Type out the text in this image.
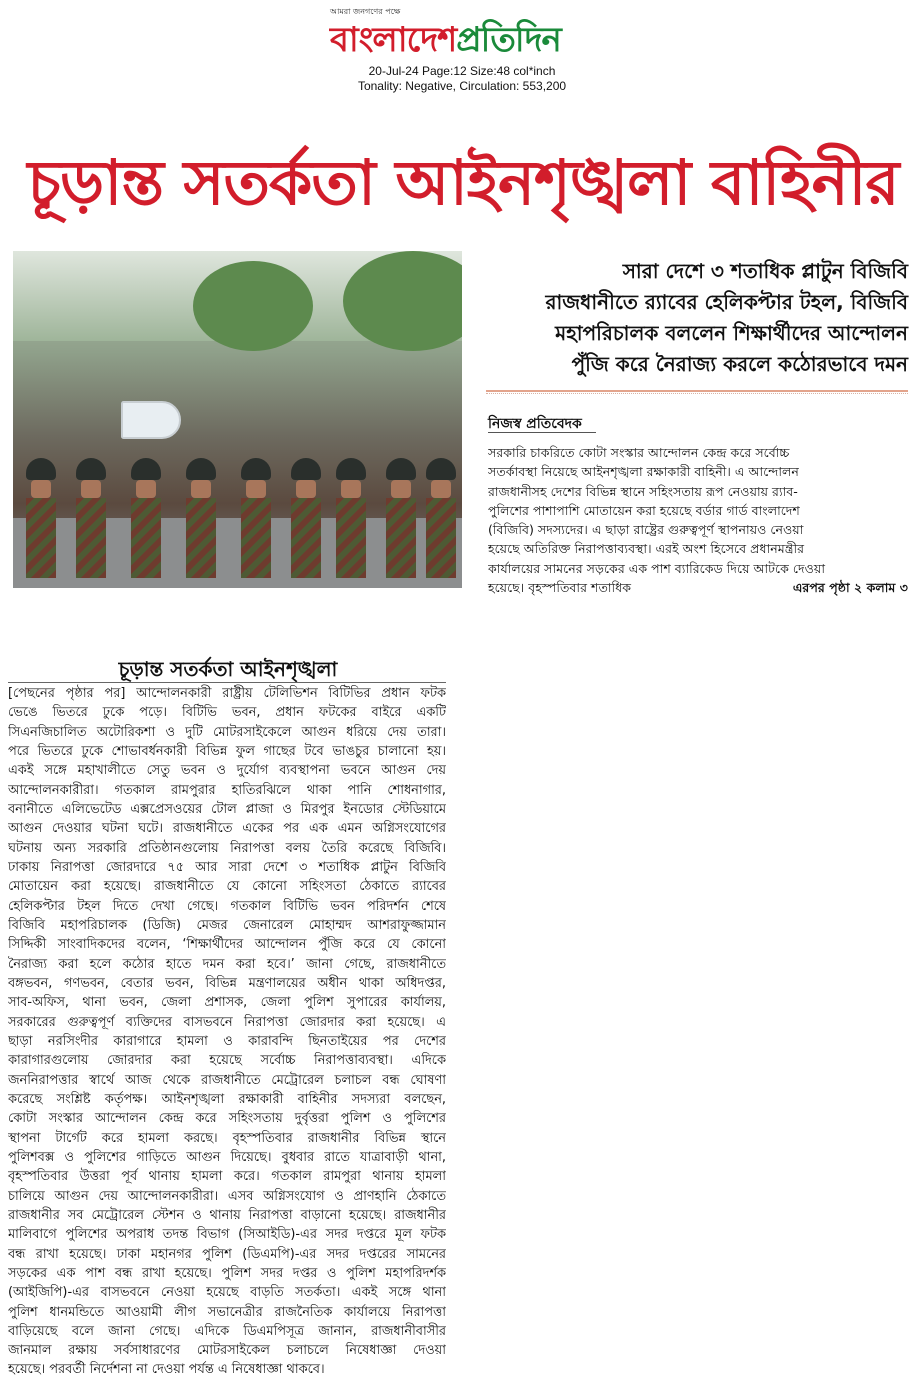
আমরা জনগণের পক্ষে
বাংলাদেশপ্রতিদিন
20-Jul-24 Page:12 Size:48 col*inch
Tonality: Negative, Circulation: 553,200
চূড়ান্ত সতর্কতা আইনশৃঙ্খলা বাহিনীর
সারা দেশে ৩ শতাধিক প্লাটুন বিজিবি
রাজধানীতে র‍্যাবের হেলিকপ্টার টহল, বিজিবি
মহাপরিচালক বললেন শিক্ষার্থীদের আন্দোলন
পুঁজি করে নৈরাজ্য করলে কঠোরভাবে দমন
নিজস্ব প্রতিবেদক
সরকারি চাকরিতে কোটা সংস্কার আন্দোলন কেন্দ্র করে সর্বোচ্চ
সতর্কাবস্থা নিয়েছে আইনশৃঙ্খলা রক্ষাকারী বাহিনী। এ আন্দোলন
রাজধানীসহ দেশের বিভিন্ন স্থানে সহিংসতায় রূপ নেওয়ায় র‍্যাব-
পুলিশের পাশাপাশি মোতায়েন করা হয়েছে বর্ডার গার্ড বাংলাদেশ
(বিজিবি) সদস্যদের। এ ছাড়া রাষ্ট্রের গুরুত্বপূর্ণ স্থাপনায়ও নেওয়া
হয়েছে অতিরিক্ত নিরাপত্তাব্যবস্থা। এরই অংশ হিসেবে প্রধানমন্ত্রীর
কার্যালয়ের সামনের সড়কের এক পাশ ব্যারিকেড দিয়ে আটকে দেওয়া
হয়েছে। বৃহস্পতিবার শতাধিক	এরপর পৃষ্ঠা ২ কলাম ৩
চূড়ান্ত সতর্কতা আইনশৃঙ্খলা
[পেছনের পৃষ্ঠার পর] আন্দোলনকারী রাষ্ট্রীয় টেলিভিশন বিটিভির প্রধান ফটক
ভেঙে ভিতরে ঢুকে পড়ে। বিটিভি ভবন, প্রধান ফটকের বাইরে একটি
সিএনজিচালিত অটোরিকশা ও দুটি মোটরসাইকেলে আগুন ধরিয়ে দেয় তারা।
পরে ভিতরে ঢুকে শোভাবর্ধনকারী বিভিন্ন ফুল গাছের টবে ভাঙচুর চালানো হয়।
একই সঙ্গে মহাখালীতে সেতু ভবন ও দুর্যোগ ব্যবস্থাপনা ভবনে আগুন দেয়
আন্দোলনকারীরা। গতকাল রামপুরার হাতিরঝিলে থাকা পানি শোধনাগার,
বনানীতে এলিভেটেড এক্সপ্রেসওয়ের টোল প্লাজা ও মিরপুর ইনডোর স্টেডিয়ামে
আগুন দেওয়ার ঘটনা ঘটে। রাজধানীতে একের পর এক এমন অগ্নিসংযোগের
ঘটনায় অন্য সরকারি প্রতিষ্ঠানগুলোয় নিরাপত্তা বলয় তৈরি করেছে বিজিবি।
ঢাকায় নিরাপত্তা জোরদারে ৭৫ আর সারা দেশে ৩ শতাধিক প্লাটুন বিজিবি
মোতায়েন করা হয়েছে। রাজধানীতে যে কোনো সহিংসতা ঠেকাতে র‍্যাবের
হেলিকপ্টার টহল দিতে দেখা গেছে। গতকাল বিটিভি ভবন পরিদর্শন শেষে
বিজিবি মহাপরিচালক (ডিজি) মেজর জেনারেল মোহাম্মদ আশরাফুজ্জামান
সিদ্দিকী সাংবাদিকদের বলেন, ‘শিক্ষার্থীদের আন্দোলন পুঁজি করে যে কোনো
নৈরাজ্য করা হলে কঠোর হাতে দমন করা হবে।’ জানা গেছে, রাজধানীতে
বঙ্গভবন, গণভবন, বেতার ভবন, বিভিন্ন মন্ত্রণালয়ের অধীন থাকা অধিদপ্তর,
সাব-অফিস, থানা ভবন, জেলা প্রশাসক, জেলা পুলিশ সুপারের কার্যালয়,
সরকারের গুরুত্বপূর্ণ ব্যক্তিদের বাসভবনে নিরাপত্তা জোরদার করা হয়েছে। এ
ছাড়া নরসিংদীর কারাগারে হামলা ও কারাবন্দি ছিনতাইয়ের পর দেশের
কারাগারগুলোয় জোরদার করা হয়েছে সর্বোচ্চ নিরাপত্তাব্যবস্থা। এদিকে
জননিরাপত্তার স্বার্থে আজ থেকে রাজধানীতে মেট্রোরেল চলাচল বন্ধ ঘোষণা
করেছে সংশ্লিষ্ট কর্তৃপক্ষ। আইনশৃঙ্খলা রক্ষাকারী বাহিনীর সদস্যরা বলছেন,
কোটা সংস্কার আন্দোলন কেন্দ্র করে সহিংসতায় দুর্বৃত্তরা পুলিশ ও পুলিশের
স্থাপনা টার্গেট করে হামলা করছে। বৃহস্পতিবার রাজধানীর বিভিন্ন স্থানে
পুলিশবক্স ও পুলিশের গাড়িতে আগুন দিয়েছে। বুধবার রাতে যাত্রাবাড়ী থানা,
বৃহস্পতিবার উত্তরা পূর্ব থানায় হামলা করে। গতকাল রামপুরা থানায় হামলা
চালিয়ে আগুন দেয় আন্দোলনকারীরা। এসব অগ্নিসংযোগ ও প্রাণহানি ঠেকাতে
রাজধানীর সব মেট্রোরেল স্টেশন ও থানায় নিরাপত্তা বাড়ানো হয়েছে। রাজধানীর
মালিবাগে পুলিশের অপরাধ তদন্ত বিভাগ (সিআইডি)-এর সদর দপ্তরে মূল ফটক
বন্ধ রাখা হয়েছে। ঢাকা মহানগর পুলিশ (ডিএমপি)-এর সদর দপ্তরের সামনের
সড়কের এক পাশ বন্ধ রাখা হয়েছে। পুলিশ সদর দপ্তর ও পুলিশ মহাপরিদর্শক
(আইজিপি)-এর বাসভবনে নেওয়া হয়েছে বাড়তি সতর্কতা। একই সঙ্গে থানা
পুলিশ ধানমন্ডিতে আওয়ামী লীগ সভানেত্রীর রাজনৈতিক কার্যালয়ে নিরাপত্তা
বাড়িয়েছে বলে জানা গেছে। এদিকে ডিএমপিসূত্র জানান, রাজধানীবাসীর
জানমাল রক্ষায় সর্বসাধারণের মোটরসাইকেল চলাচলে নিষেধাজ্ঞা দেওয়া
হয়েছে। পরবর্তী নির্দেশনা না দেওয়া পর্যন্ত এ নিষেধাজ্ঞা থাকবে।
